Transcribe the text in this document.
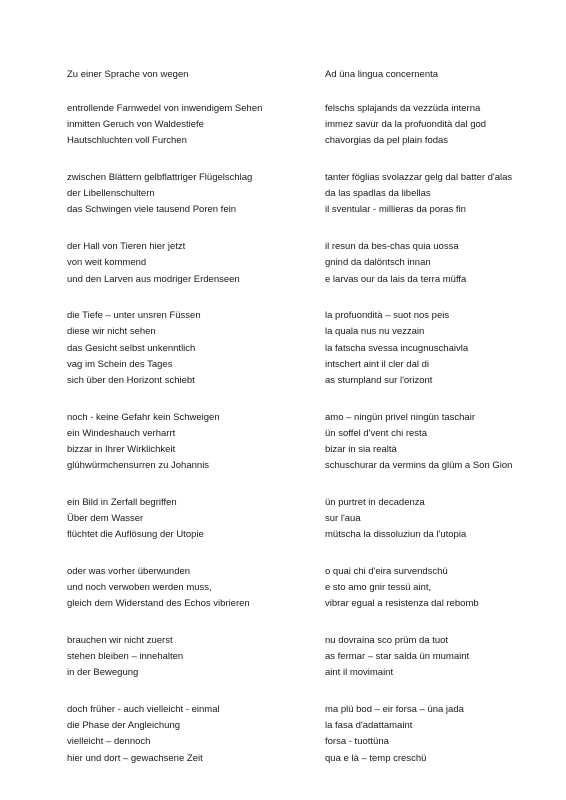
Zu einer Sprache von wegen
entrollende Farnwedel von inwendigem Sehen
inmitten Geruch von Waldestiefe
Hautschluchten voll Furchen
zwischen Blättern gelbflattriger Flügelschlag
der Libellenschultern
das Schwingen viele tausend Poren fein
der Hall von Tieren hier jetzt
von weit kommend
und den Larven aus modriger Erdenseen
die Tiefe – unter unsren Füssen
diese wir nicht sehen
das Gesicht selbst unkenntlich
vag im Schein des Tages
sich über den Horizont schiebt
noch - keine Gefahr kein Schweigen
ein Windeshauch verharrt
bizzar in Ihrer Wirklichkeit
glühwürmchensurren zu Johannis
ein Bild in Zerfall begriffen
Über dem Wasser
flüchtet die Auflösung der Utopie
oder was vorher überwunden
und noch verwoben werden muss,
gleich dem Widerstand des Echos vibrieren
brauchen wir nicht zuerst
stehen bleiben – innehalten
in der Bewegung
doch früher - auch vielleicht - einmal
die Phase der Angleichung
vielleicht – dennoch
hier und dort – gewachsene Zeit
Ad üna lingua concernenta
felschs splajands da vezzüda interna
immez savur da la profuondità dal god
chavorgias da pel plain fodas
tanter föglias svolazzar gelg dal batter d'alas
da las spadlas da libellas
il sventular - millieras da poras fin
il resun da bes-chas quia uossa
gnind da dalöntsch innan
e larvas our da lais da terra müffa
la profuondità – suot nos peis
la quala nus nu vezzain
la fatscha svessa incugnuschaivla
intschert aint il cler dal di
as stumpland sur l'orizont
amo – ningün privel ningün taschair
ün soffel d'vent chi resta
bizar in sia realtà
schuschurar da vermins da glüm a Son Gion
ün purtret in decadenza
sur l'aua
mütscha la dissoluziun da l'utopia
o quai chi d'eira survendschü
e sto amo gnir tessü aint,
vibrar egual a resistenza dal rebomb
nu dovraina sco prüm da tuot
as fermar – star salda ün mumaint
aint il movimaint
ma plü bod – eir forsa – üna jada
la fasa d'adattamaint
forsa - tuottüna
qua e là – temp creschü
